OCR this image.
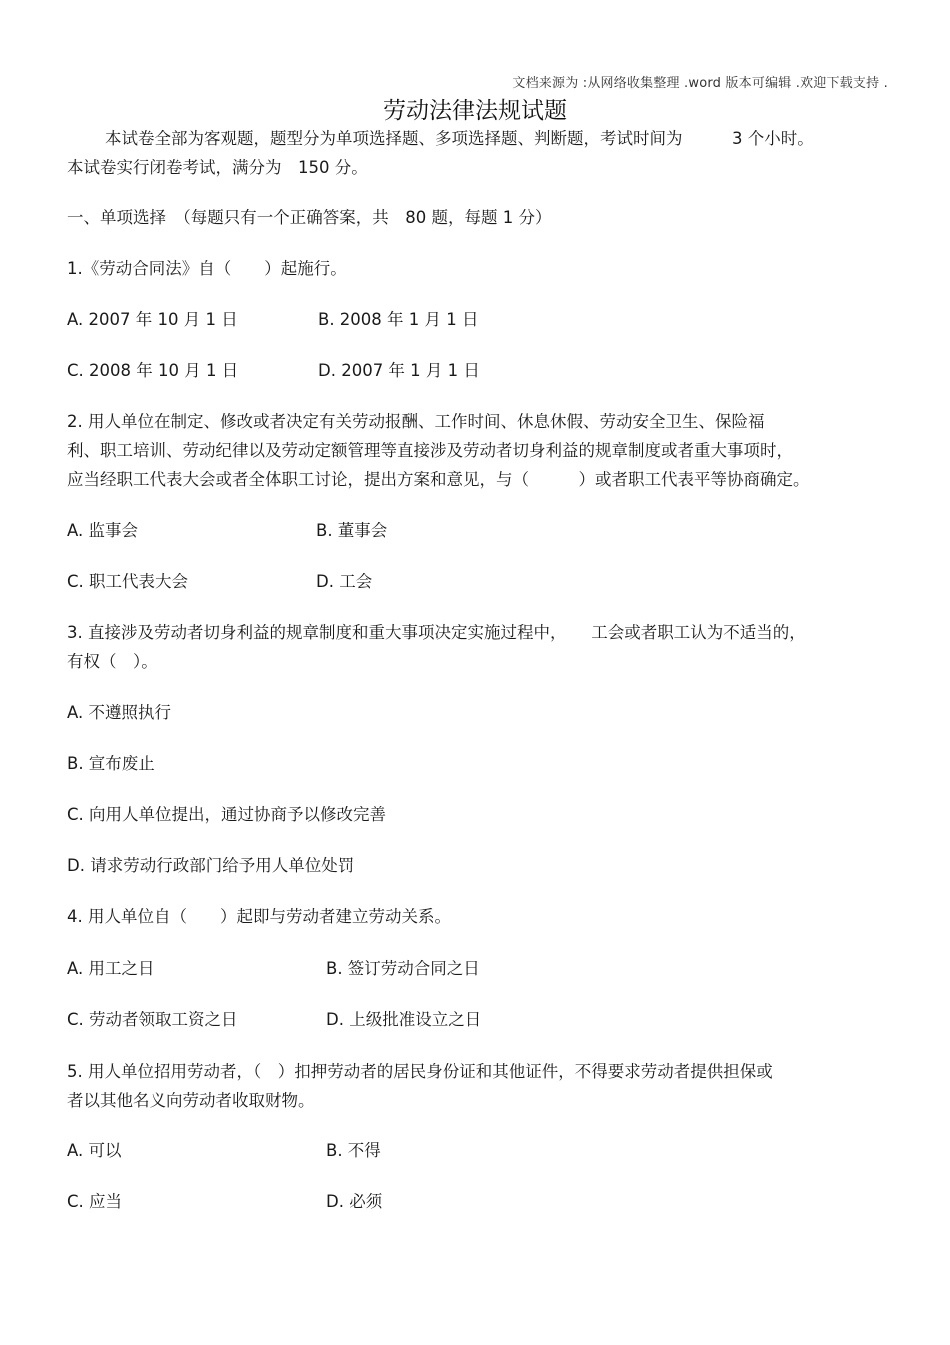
文档来源为 :从网络收集整理 .word 版本可编辑 .欢迎下载支持 .
劳动法律法规试题
本试卷全部为客观题，题型分为单项选择题、多项选择题、判断题，考试时间为　　　3 个小时。
本试卷实行闭卷考试，满分为　150 分。
一、单项选择　（每题只有一个正确答案，共　80 题，每题 1 分）
1.《劳动合同法》自（　　）起施行。
A. 2007 年 10 月 1 日	B. 2008 年 1 月 1 日
C. 2008 年 10 月 1 日	D. 2007 年 1 月 1 日
2. 用人单位在制定、修改或者决定有关劳动报酬、工作时间、休息休假、劳动安全卫生、保险福
利、职工培训、劳动纪律以及劳动定额管理等直接涉及劳动者切身利益的规章制度或者重大事项时，
应当经职工代表大会或者全体职工讨论，提出方案和意见，与（　　　）或者职工代表平等协商确定。
A. 监事会	B. 董事会
C. 职工代表大会	D. 工会
3. 直接涉及劳动者切身利益的规章制度和重大事项决定实施过程中，　　工会或者职工认为不适当的，
有权（　）。
A. 不遵照执行
B. 宣布废止
C. 向用人单位提出，通过协商予以修改完善
D. 请求劳动行政部门给予用人单位处罚
4. 用人单位自（　　）起即与劳动者建立劳动关系。
A. 用工之日	B. 签订劳动合同之日
C. 劳动者领取工资之日	D. 上级批准设立之日
5. 用人单位招用劳动者，（　）扣押劳动者的居民身份证和其他证件，不得要求劳动者提供担保或
者以其他名义向劳动者收取财物。
A. 可以	B. 不得
C. 应当	D. 必须
